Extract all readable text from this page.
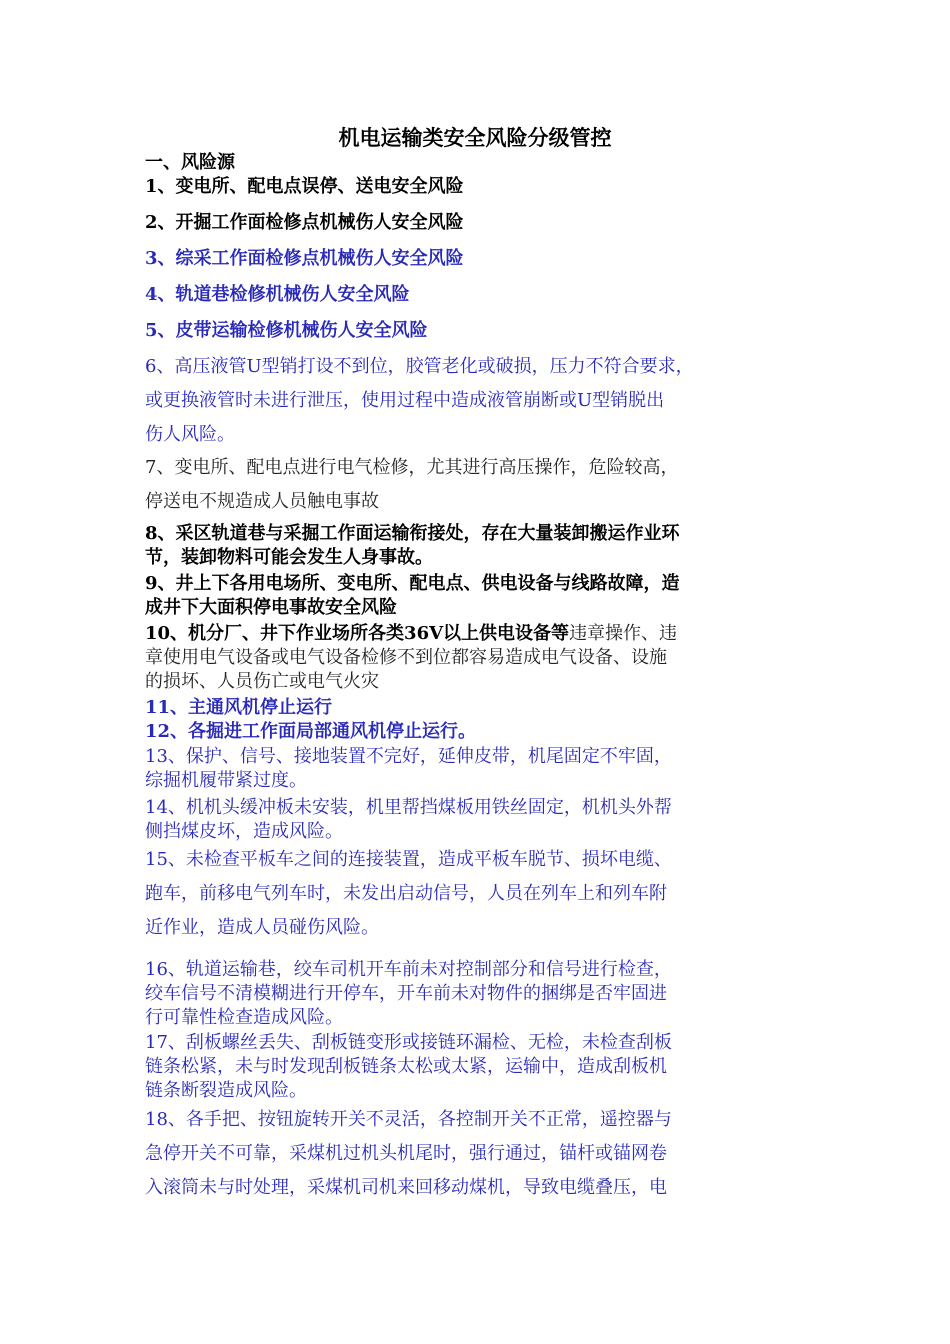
机电运输类安全风险分级管控
一、风险源
1、变电所、配电点误停、送电安全风险
2、开掘工作面检修点机械伤人安全风险
3、综采工作面检修点机械伤人安全风险
4、轨道巷检修机械伤人安全风险
5、皮带运输检修机械伤人安全风险
6、高压液管U型销打设不到位，胶管老化或破损，压力不符合要求，
或更换液管时未进行泄压，使用过程中造成液管崩断或U型销脱出
伤人风险。
7、变电所、配电点进行电气检修，尤其进行高压操作，危险较高，
停送电不规造成人员触电事故
8、采区轨道巷与采掘工作面运输衔接处，存在大量装卸搬运作业环
节，装卸物料可能会发生人身事故。
9、井上下各用电场所、变电所、配电点、供电设备与线路故障，造
成井下大面积停电事故安全风险
10、机分厂、井下作业场所各类36V以上供电设备等违章操作、违
章使用电气设备或电气设备检修不到位都容易造成电气设备、设施
的损坏、人员伤亡或电气火灾
11、主通风机停止运行
12、各掘进工作面局部通风机停止运行。
13、保护、信号、接地装置不完好，延伸皮带，机尾固定不牢固，
综掘机履带紧过度。
14、机机头缓冲板未安装，机里帮挡煤板用铁丝固定，机机头外帮
侧挡煤皮坏，造成风险。
15、未检查平板车之间的连接装置，造成平板车脱节、损坏电缆、
跑车，前移电气列车时，未发出启动信号，人员在列车上和列车附
近作业，造成人员碰伤风险。
16、轨道运输巷，绞车司机开车前未对控制部分和信号进行检查，
绞车信号不清模糊进行开停车，开车前未对物件的捆绑是否牢固进
行可靠性检查造成风险。
17、刮板螺丝丢失、刮板链变形或接链环漏检、无检，未检查刮板
链条松紧，未与时发现刮板链条太松或太紧，运输中，造成刮板机
链条断裂造成风险。
18、各手把、按钮旋转开关不灵活，各控制开关不正常，遥控器与
急停开关不可靠，采煤机过机头机尾时，强行通过，锚杆或锚网卷
入滚筒未与时处理，采煤机司机来回移动煤机，导致电缆叠压，电
